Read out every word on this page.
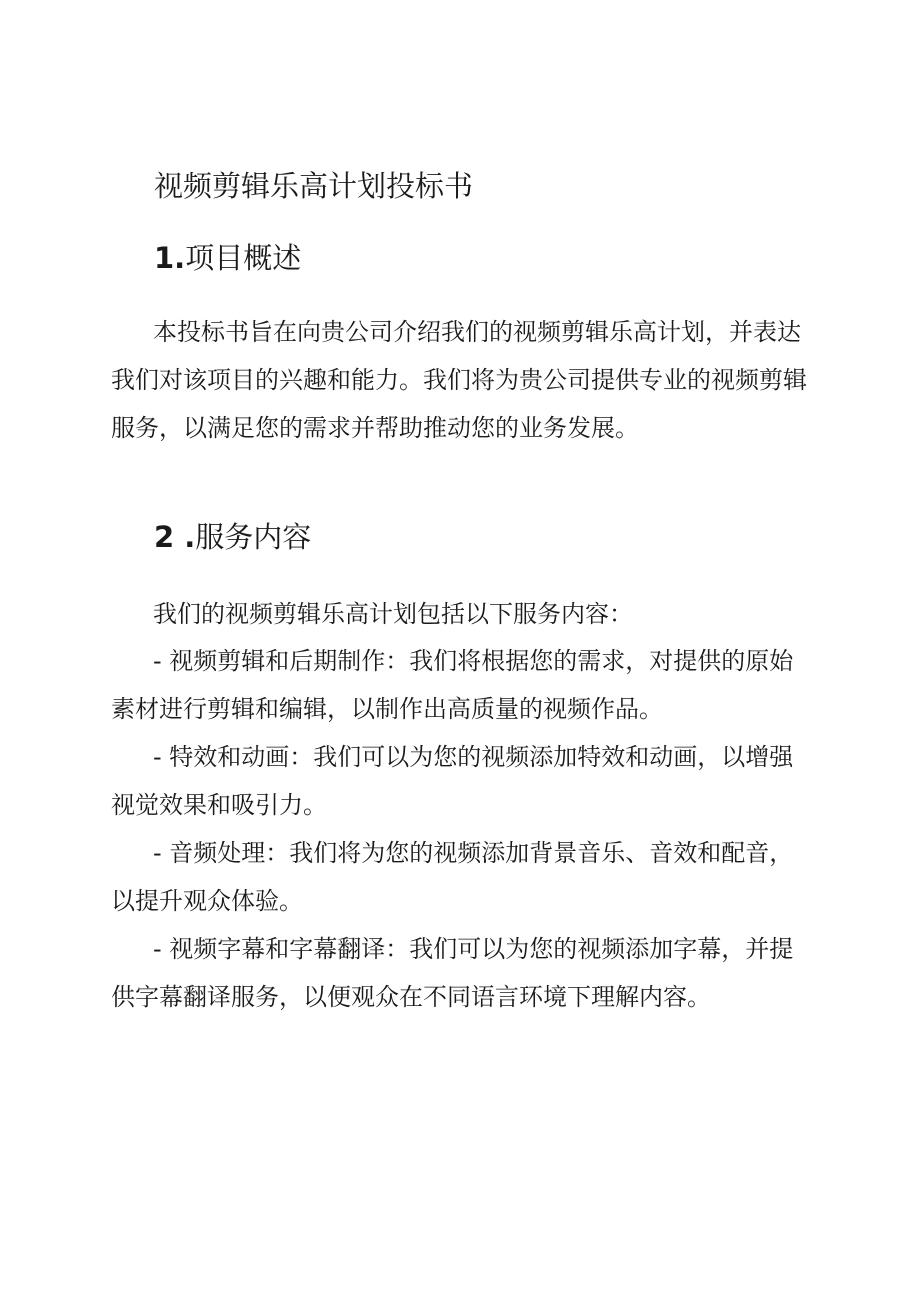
视频剪辑乐高计划投标书
1.项目概述

本投标书旨在向贵公司介绍我们的视频剪辑乐高计划，并表达我们对该项目的兴趣和能力。我们将为贵公司提供专业的视频剪辑服务，以满足您的需求并帮助推动您的业务发展。

2 .服务内容

我们的视频剪辑乐高计划包括以下服务内容：

- 视频剪辑和后期制作：我们将根据您的需求，对提供的原始素材进行剪辑和编辑，以制作出高质量的视频作品。

- 特效和动画：我们可以为您的视频添加特效和动画，以增强视觉效果和吸引力。

- 音频处理：我们将为您的视频添加背景音乐、音效和配音，以提升观众体验。

- 视频字幕和字幕翻译：我们可以为您的视频添加字幕，并提供字幕翻译服务，以便观众在不同语言环境下理解内容。
